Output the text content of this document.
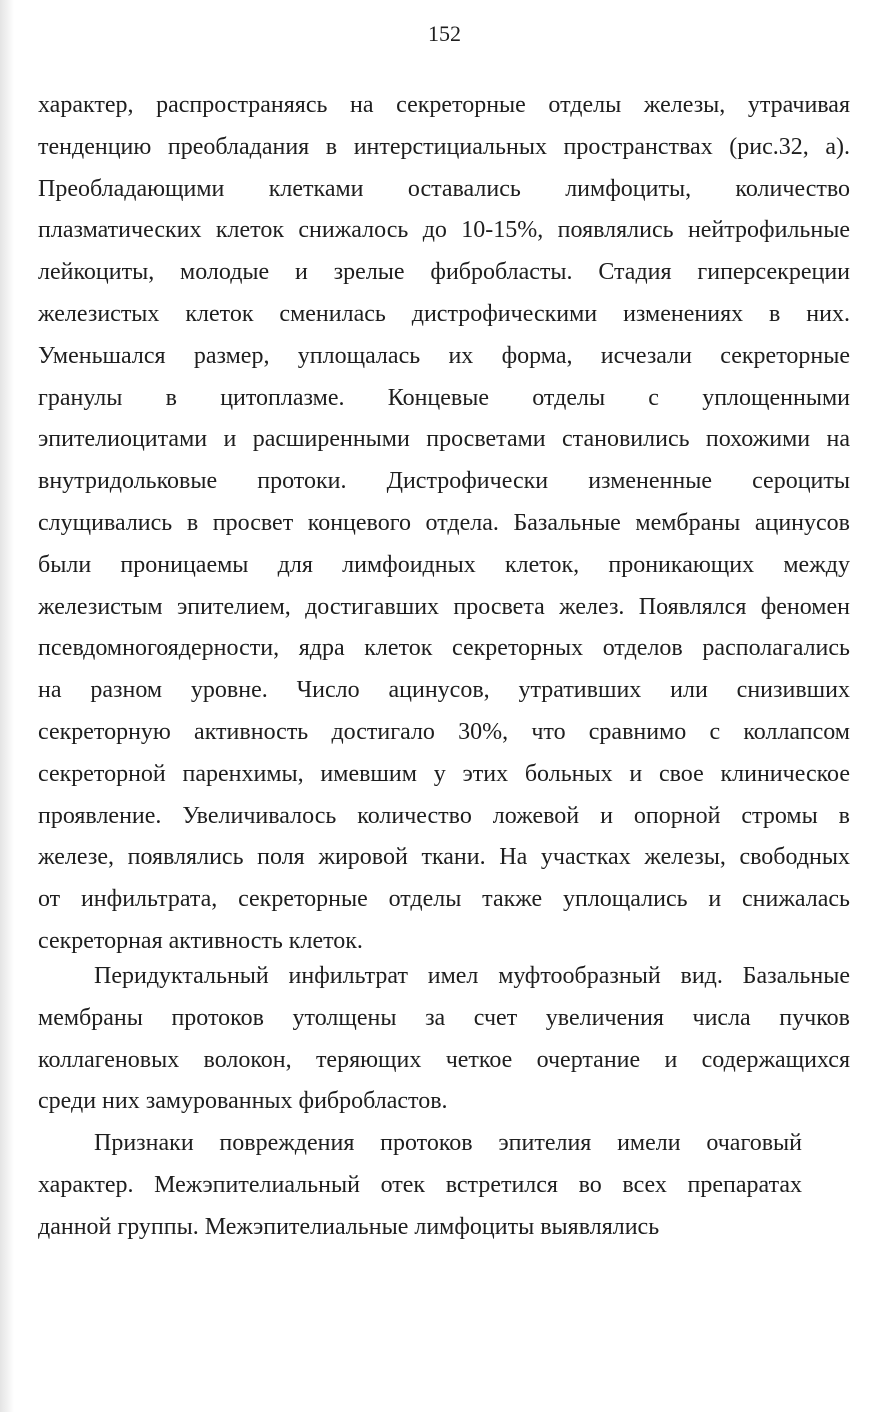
152
характер, распространяясь на секреторные отделы железы, утрачивая
тенденцию преобладания в интерстициальных пространствах (рис.32, а).
Преобладающими клетками оставались лимфоциты, количество
плазматических клеток снижалось до 10-15%, появлялись нейтрофильные
лейкоциты, молодые и зрелые фибробласты. Стадия гиперсекреции
железистых клеток сменилась дистрофическими изменениях в них.
Уменьшался размер, уплощалась их форма, исчезали секреторные
гранулы в цитоплазме. Концевые отделы с уплощенными
эпителиоцитами и расширенными просветами становились похожими на
внутридольковые протоки. Дистрофически измененные сероциты
слущивались в просвет концевого отдела. Базальные мембраны ацинусов
были проницаемы для лимфоидных клеток, проникающих между
железистым эпителием, достигавших просвета желез. Появлялся феномен
псевдомногоядерности, ядра клеток секреторных отделов располагались
на разном уровне. Число ацинусов, утративших или снизивших
секреторную активность достигало 30%, что сравнимо с коллапсом
секреторной паренхимы, имевшим у этих больных и свое клиническое
проявление. Увеличивалось количество ложевой и опорной стромы в
железе, появлялись поля жировой ткани. На участках железы, свободных
от инфильтрата, секреторные отделы также уплощались и снижалась
секреторная активность клеток.
Перидуктальный инфильтрат имел муфтообразный вид. Базальные
мембраны протоков утолщены за счет увеличения числа пучков
коллагеновых волокон, теряющих четкое очертание и содержащихся
среди них замурованных фибробластов.
Признаки повреждения протоков эпителия имели очаговый
характер. Межэпителиальный отек встретился во всех препаратах
данной группы. Межэпителиальные лимфоциты выявлялись
